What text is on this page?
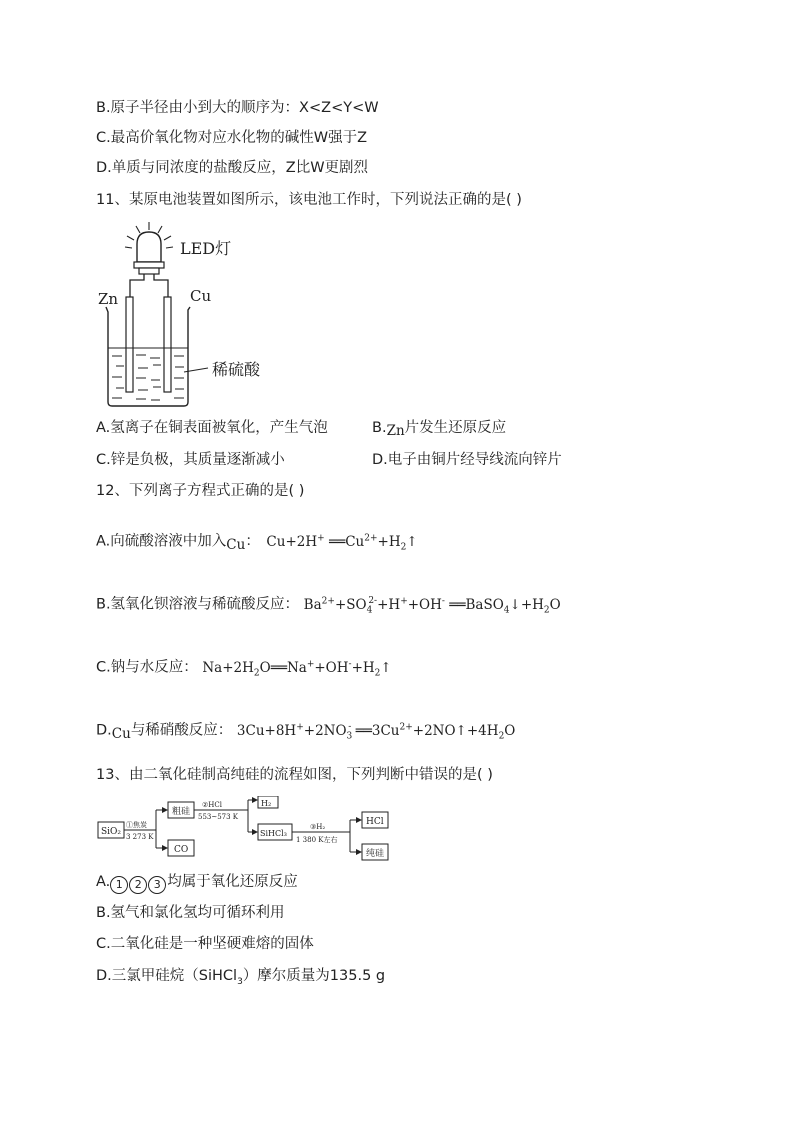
B.原子半径由小到大的顺序为：X<Z<Y<W
C.最高价氧化物对应水化物的碱性W强于Z
D.单质与同浓度的盐酸反应，Z比W更剧烈
11、某原电池装置如图所示，该电池工作时，下列说法正确的是( )
LED灯
Zn	Cu
稀硫酸
A.氢离子在铜表面被氧化，产生气泡	B.Zn片发生还原反应
C.锌是负极，其质量逐渐减小	D.电子由铜片经导线流向锌片
12、下列离子方程式正确的是( )
A.向硫酸溶液中加入Cu： Cu+2H+ $══Cu^{2+}+H_2↑$
B.氢氧化钡溶液与稀硫酸反应： $Ba^{2+}+SO_4^{2-}+H^++OH^-$ $══BaSO_4↓+H_2O$
C.钠与水反应： $Na+2H_2O══Na^++OH^-+H_2↑$
D.Cu与稀硝酸反应： $3Cu+8H^++2NO_3^-$ $══3Cu^{2+}+2NO↑+4H_2O$
13、由二氧化硅制高纯硅的流程如图，下列判断中错误的是( )
SiO₂
①焦炭
3 273 K
粗硅
CO
②HCl
553~573 K
H₂
SiHCl₃
③H₂
1 380 K左右
HCl
纯硅
A. 1 2 3 均属于氧化还原反应
B.氢气和氯化氢均可循环利用
C.二氧化硅是一种坚硬难熔的固体
D.三氯甲硅烷（SiHCl$_3$）摩尔质量为135.5 g
